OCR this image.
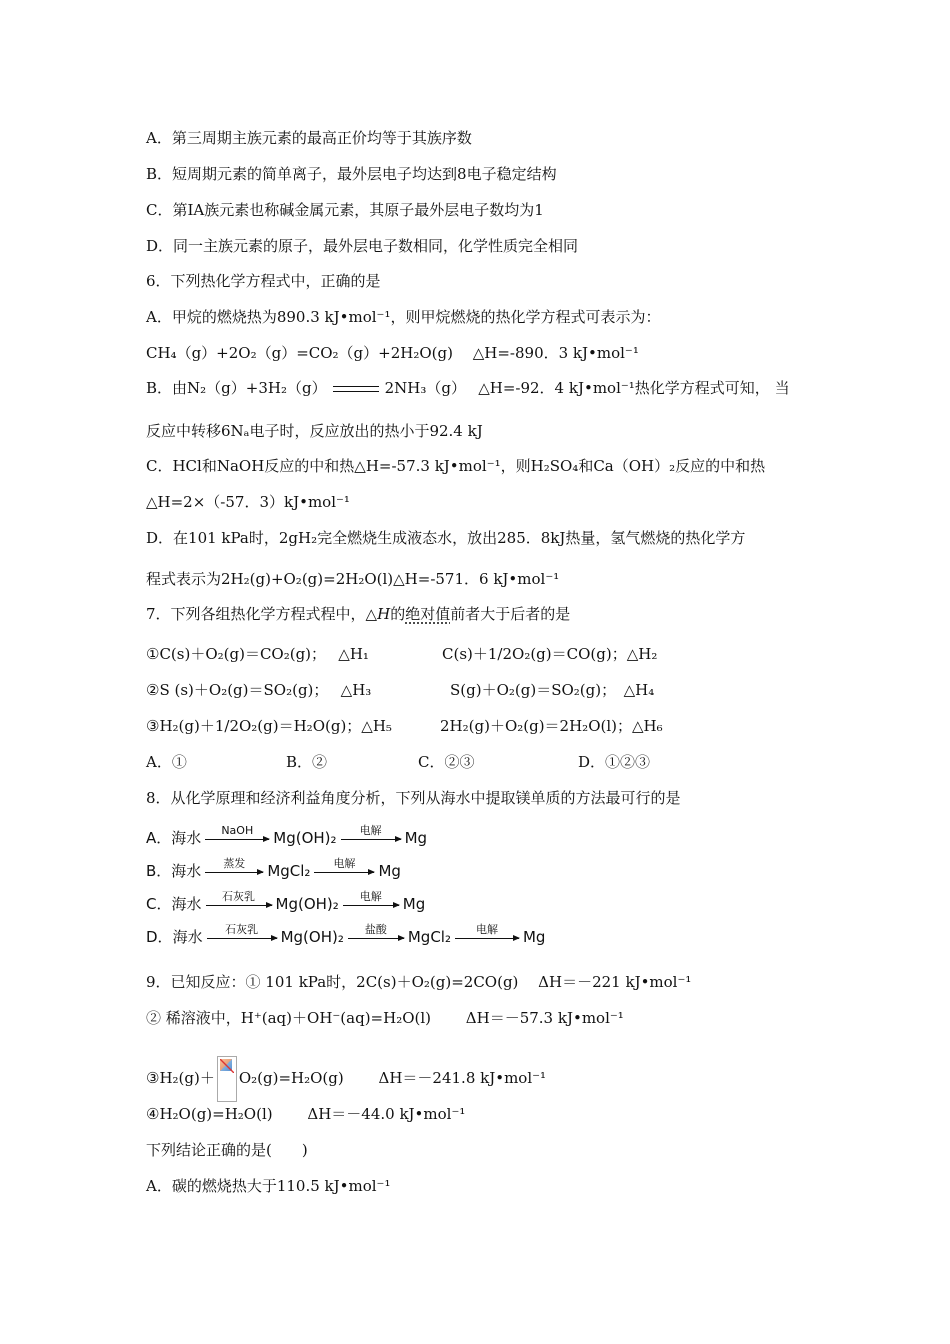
A．第三周期主族元素的最高正价均等于其族序数
B．短周期元素的简单离子，最外层电子均达到8电子稳定结构
C．第ⅠA族元素也称碱金属元素，其原子最外层电子数均为1
D．同一主族元素的原子，最外层电子数相同，化学性质完全相同
6．下列热化学方程式中，正确的是
A．甲烷的燃烧热为890.3 kJ•mol⁻¹，则甲烷燃烧的热化学方程式可表示为：
CH₄（g）+2O₂（g）=CO₂（g）+2H₂O(g)　 △H=-890．3 kJ•mol⁻¹
B．由N₂（g）+3H₂（g）	2NH₃（g）　 △H=-92．4 kJ•mol⁻¹热化学方程式可知， 当
反应中转移6Nₐ电子时，反应放出的热小于92.4 kJ
C．HCl和NaOH反应的中和热△H=-57.3 kJ•mol⁻¹，则H₂SO₄和Ca（OH）₂反应的中和热
△H=2×（-57．3）kJ•mol⁻¹
D．在101 kPa时，2gH₂完全燃烧生成液态水，放出285．8kJ热量，氢气燃烧的热化学方
程式表示为2H₂(g)+O₂(g)=2H₂O(l)△H=-571．6 kJ•mol⁻¹
7．下列各组热化学方程式程中，△H的绝对值前者大于后者的是
①C(s)＋O₂(g)＝CO₂(g)；　 △H₁	C(s)＋1/2O₂(g)＝CO(g)；△H₂
②S (s)＋O₂(g)＝SO₂(g)；　 △H₃	S(g)＋O₂(g)＝SO₂(g)；　△H₄
③H₂(g)＋1/2O₂(g)＝H₂O(g)；△H₅	2H₂(g)＋O₂(g)＝2H₂O(l)；△H₆
A．①	B．②	C．②③	D．①②③
8．从化学原理和经济利益角度分析，下列从海水中提取镁单质的方法最可行的是
A．海水	NaOH	Mg(OH)₂	电解	Mg
B．海水	蒸发	MgCl₂	电解	Mg
C．海水	石灰乳	Mg(OH)₂	电解	Mg
D．海水	石灰乳	Mg(OH)₂	盐酸	MgCl₂	电解	Mg
9．已知反应：① 101 kPa时，2C(s)＋O₂(g)=2CO(g)　 ΔH＝－221 kJ•mol⁻¹
② 稀溶液中，H⁺(aq)＋OH⁻(aq)=H₂O(l)　　 ΔH＝－57.3 kJ•mol⁻¹
③H₂(g)＋ O₂(g)=H₂O(g)　　 ΔH＝－241.8 kJ•mol⁻¹
④H₂O(g)=H₂O(l)　　 ΔH＝－44.0 kJ•mol⁻¹
下列结论正确的是(　　)
A．碳的燃烧热大于110.5 kJ•mol⁻¹
